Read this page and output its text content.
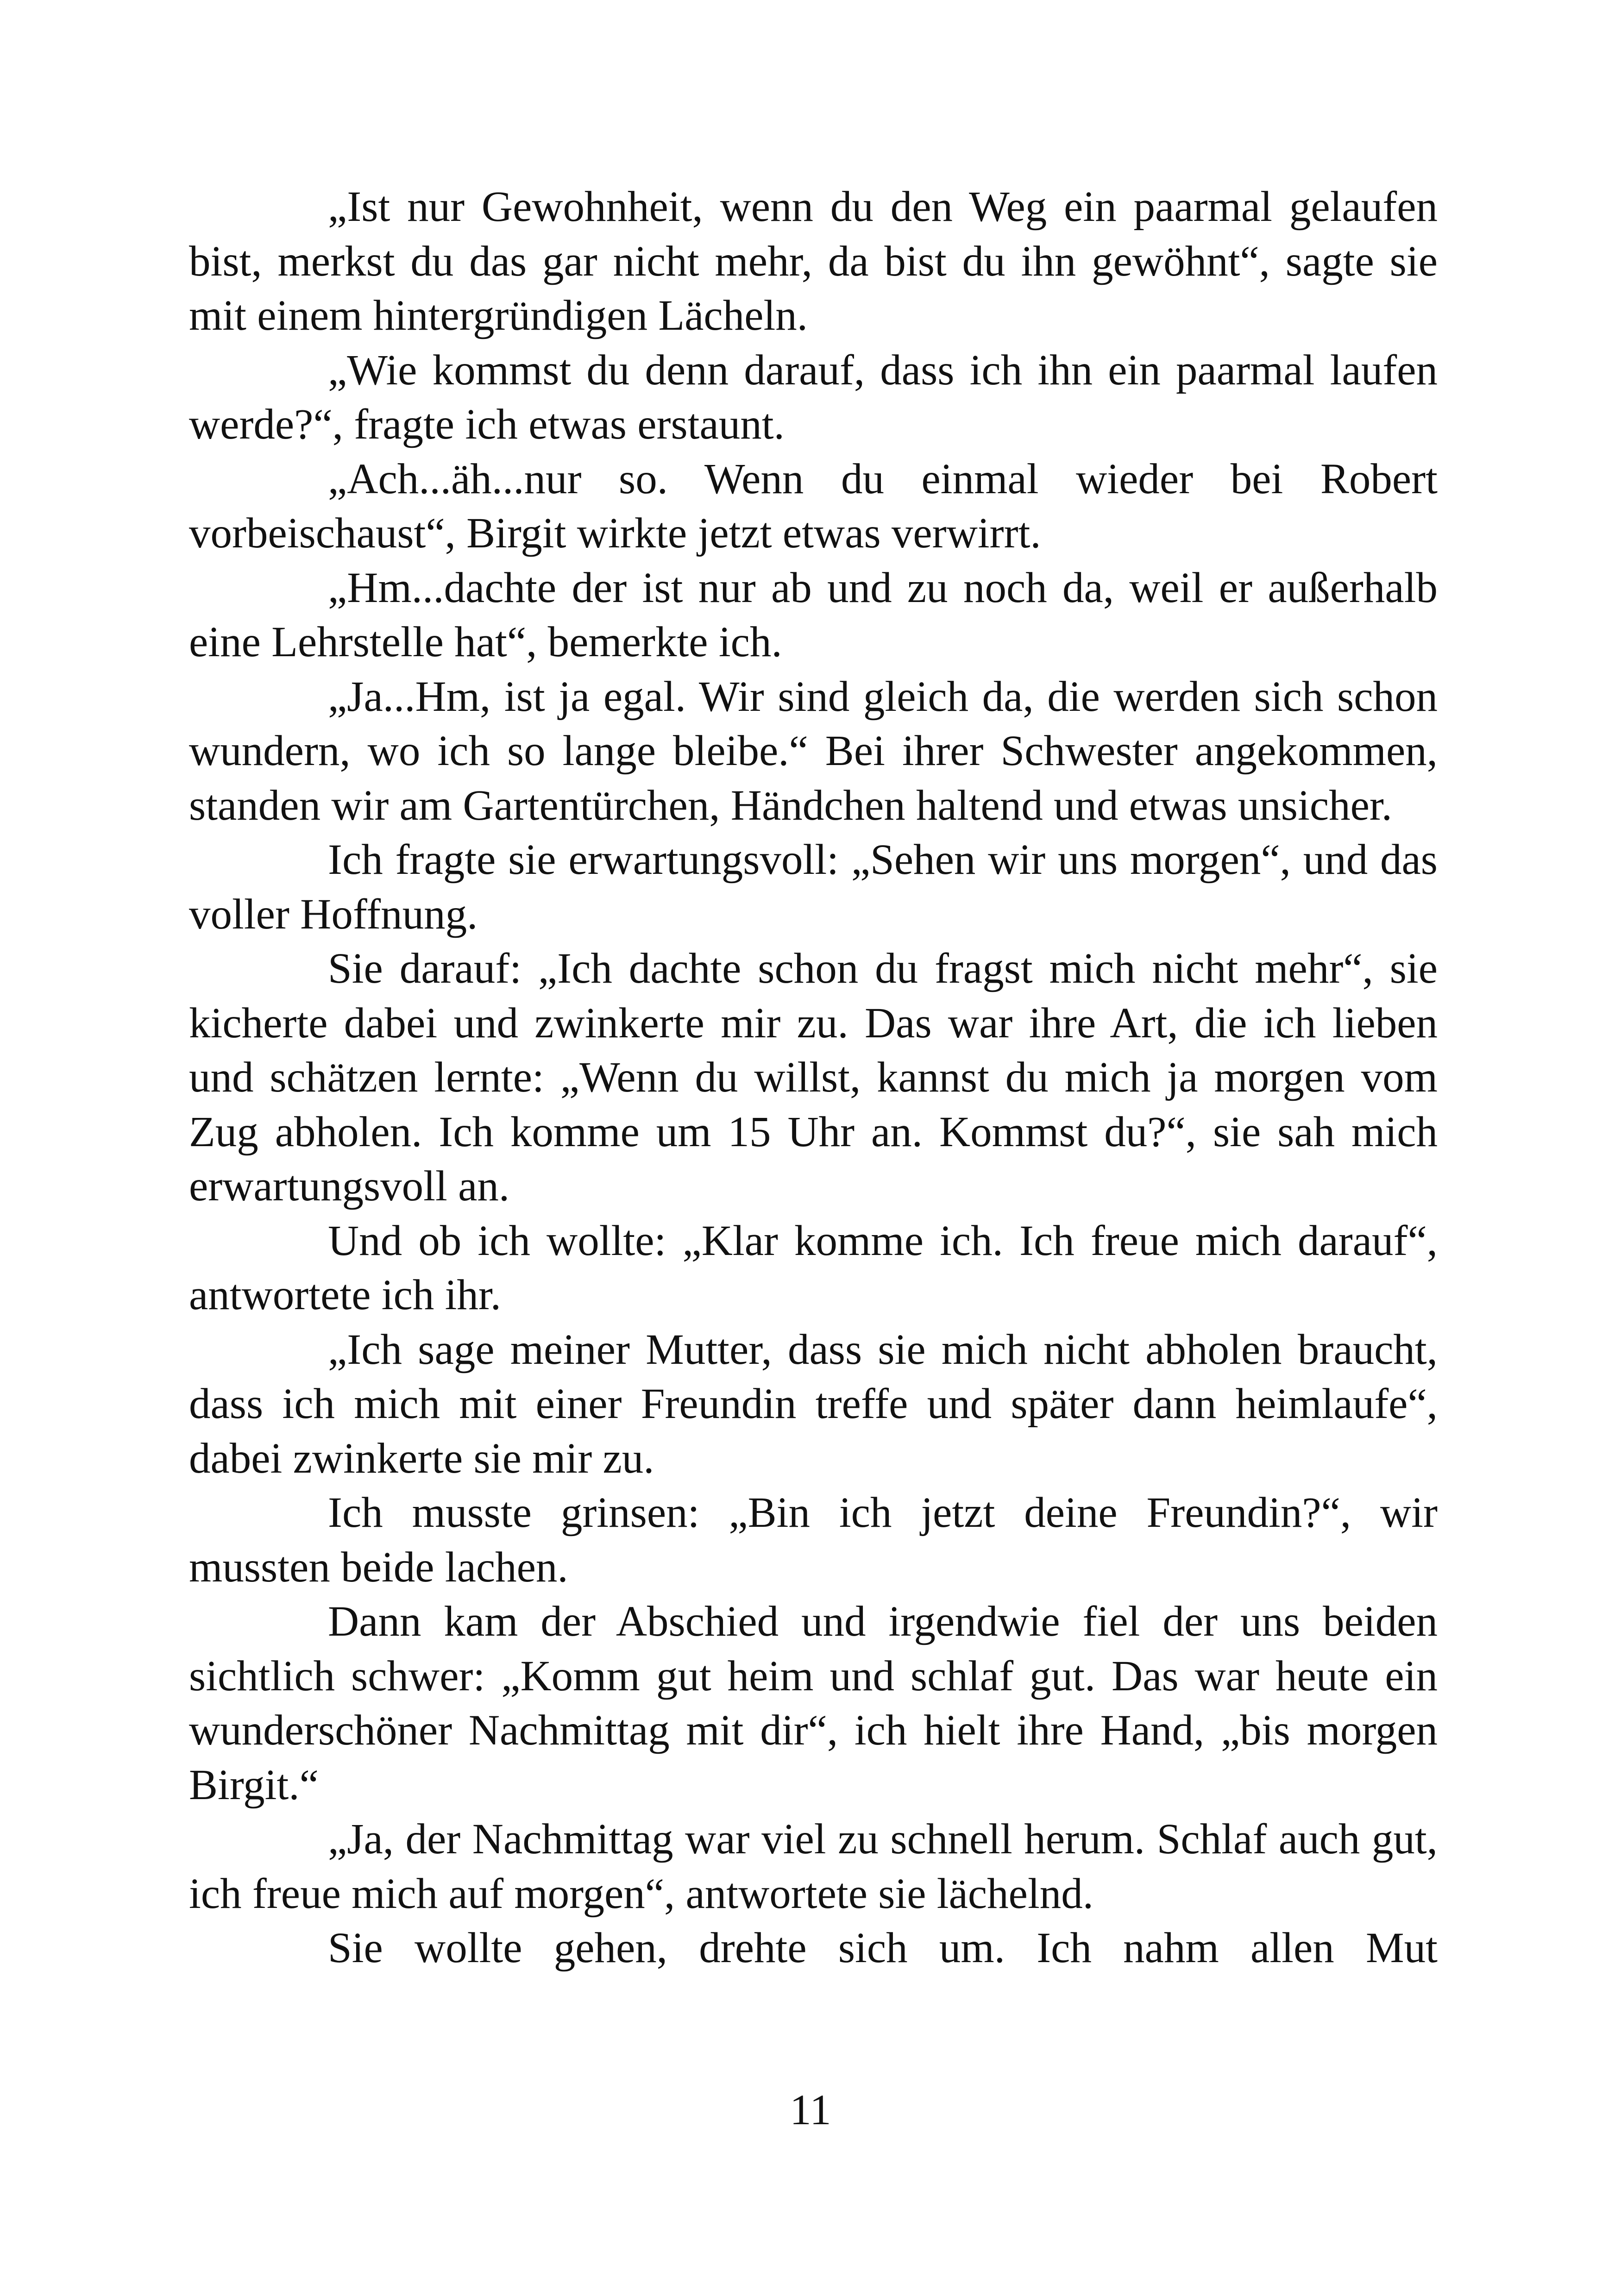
„Ist nur Gewohnheit, wenn du den Weg ein paarmal gelaufen bist, merkst du das gar nicht mehr, da bist du ihn gewöhnt“, sagte sie mit einem hintergründigen Lächeln.

„Wie kommst du denn darauf, dass ich ihn ein paarmal laufen werde?“, fragte ich etwas erstaunt.

„Ach...äh...nur so. Wenn du einmal wieder bei Robert vorbeischaust“, Birgit wirkte jetzt etwas verwirrt.

„Hm...dachte der ist nur ab und zu noch da, weil er außerhalb eine Lehrstelle hat“, bemerkte ich.

„Ja...Hm, ist ja egal. Wir sind gleich da, die werden sich schon wundern, wo ich so lange bleibe.“ Bei ihrer Schwester angekommen, standen wir am Gartentürchen, Händchen haltend und etwas unsicher.

Ich fragte sie erwartungsvoll: „Sehen wir uns morgen“, und das voller Hoffnung.

Sie darauf: „Ich dachte schon du fragst mich nicht mehr“, sie kicherte dabei und zwinkerte mir zu. Das war ihre Art, die ich lieben und schätzen lernte: „Wenn du willst, kannst du mich ja morgen vom Zug abholen. Ich komme um 15 Uhr an. Kommst du?“, sie sah mich erwartungsvoll an.

Und ob ich wollte: „Klar komme ich. Ich freue mich darauf“, antwortete ich ihr.

„Ich sage meiner Mutter, dass sie mich nicht abholen braucht, dass ich mich mit einer Freundin treffe und später dann heimlaufe“, dabei zwinkerte sie mir zu.

Ich musste grinsen: „Bin ich jetzt deine Freundin?“, wir mussten beide lachen.

Dann kam der Abschied und irgendwie fiel der uns beiden sichtlich schwer: „Komm gut heim und schlaf gut. Das war heute ein wunderschöner Nachmittag mit dir“, ich hielt ihre Hand, „bis morgen Birgit.“

„Ja, der Nachmittag war viel zu schnell herum. Schlaf auch gut, ich freue mich auf morgen“, antwortete sie lächelnd.

Sie wollte gehen, drehte sich um. Ich nahm allen Mut

11
